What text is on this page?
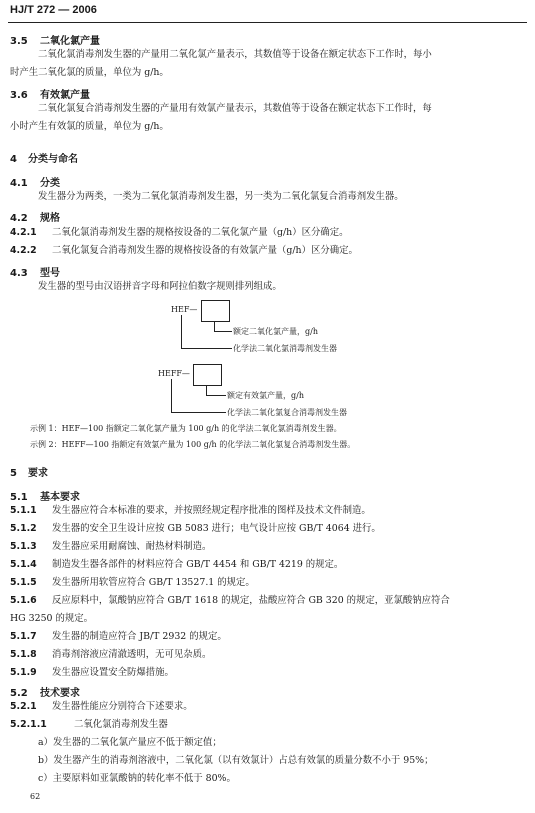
HJ/T 272 — 2006
3.5 二氧化氯产量
二氧化氯消毒剂发生器的产量用二氧化氯产量表示，其数值等于设备在额定状态下工作时，每小
时产生二氧化氯的质量，单位为 g/h。
3.6 有效氯产量
二氧化氯复合消毒剂发生器的产量用有效氯产量表示，其数值等于设备在额定状态下工作时，每
小时产生有效氯的质量，单位为 g/h。
4 分类与命名
4.1 分类
发生器分为两类，一类为二氧化氯消毒剂发生器，另一类为二氧化氯复合消毒剂发生器。
4.2 规格
4.2.1 二氧化氯消毒剂发生器的规格按设备的二氧化氯产量（g/h）区分确定。
4.2.2 二氧化氯复合消毒剂发生器的规格按设备的有效氯产量（g/h）区分确定。
4.3 型号
发生器的型号由汉语拼音字母和阿拉伯数字规则排列组成。
HEF—
额定二氧化氯产量，g/h
化学法二氧化氯消毒剂发生器
HEFF—
额定有效氯产量，g/h
化学法二氧化氯复合消毒剂发生器
示例 1：HEF—100 指额定二氧化氯产量为 100 g/h 的化学法二氧化氯消毒剂发生器。
示例 2：HEFF—100 指额定有效氯产量为 100 g/h 的化学法二氧化氯复合消毒剂发生器。
5 要求
5.1 基本要求
5.1.1 发生器应符合本标准的要求，并按照经规定程序批准的图样及技术文件制造。
5.1.2 发生器的安全卫生设计应按 GB 5083 进行；电气设计应按 GB/T 4064 进行。
5.1.3 发生器应采用耐腐蚀、耐热材料制造。
5.1.4 制造发生器各部件的材料应符合 GB/T 4454 和 GB/T 4219 的规定。
5.1.5 发生器所用软管应符合 GB/T 13527.1 的规定。
5.1.6 反应原料中，氯酸钠应符合 GB/T 1618 的规定，盐酸应符合 GB 320 的规定，亚氯酸钠应符合
HG 3250 的规定。
5.1.7 发生器的制造应符合 JB/T 2932 的规定。
5.1.8 消毒剂溶液应清澈透明，无可见杂质。
5.1.9 发生器应设置安全防爆措施。
5.2 技术要求
5.2.1 发生器性能应分别符合下述要求。
5.2.1.1	二氧化氯消毒剂发生器
a）发生器的二氧化氯产量应不低于额定值；
b）发生器产生的消毒剂溶液中，二氧化氯（以有效氯计）占总有效氯的质量分数不小于 95%；
c）主要原料如亚氯酸钠的转化率不低于 80%。
62
